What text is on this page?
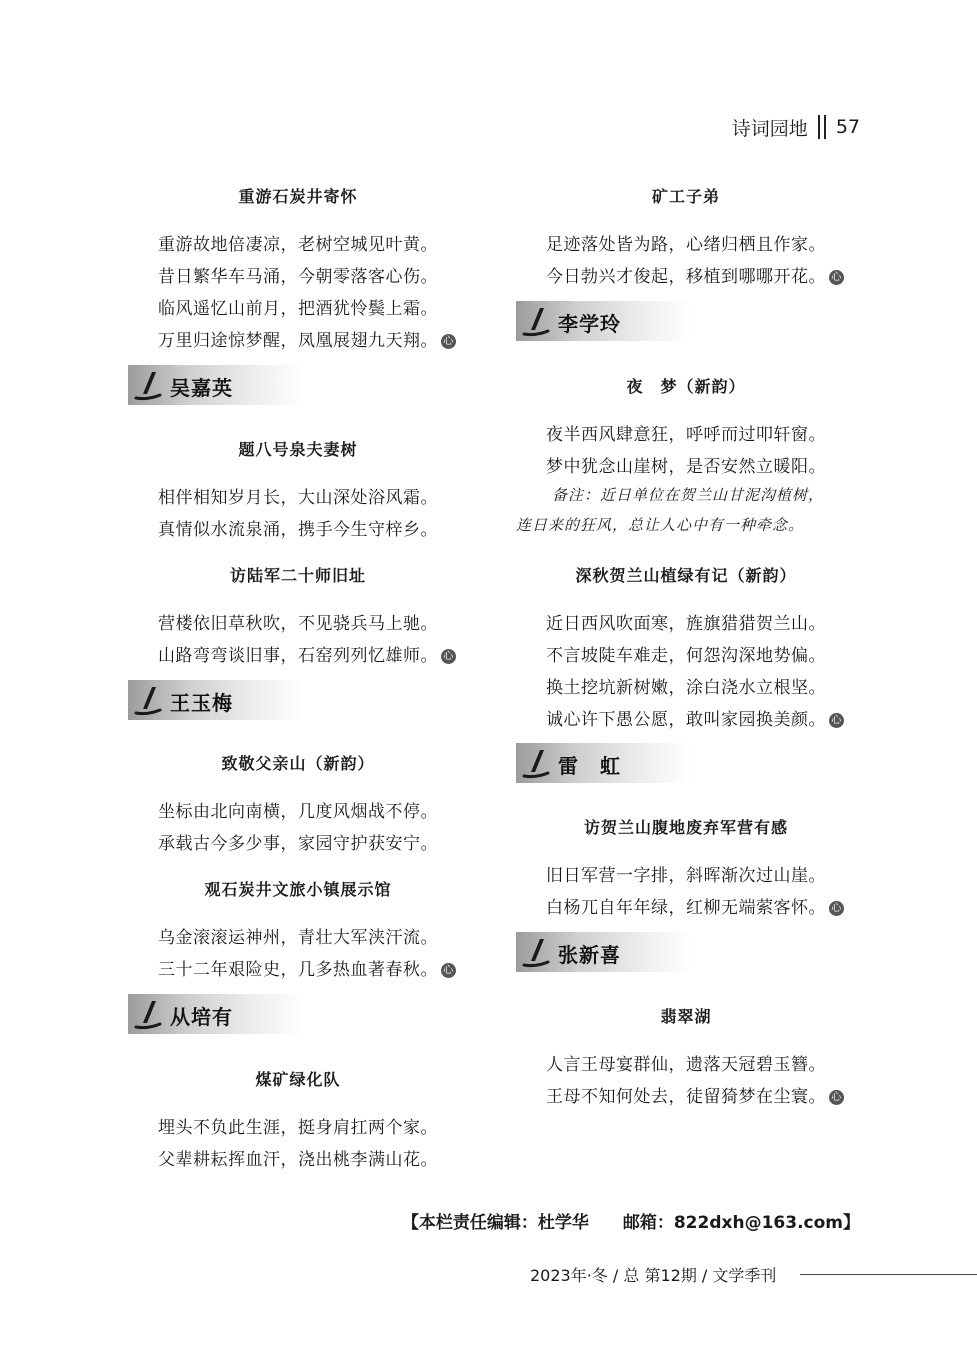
诗词园地 57
重游石炭井寄怀
重游故地倍凄凉，老树空城见叶黄。
昔日繁华车马涌，今朝零落客心伤。
临风遥忆山前月，把酒犹怜鬓上霜。
万里归途惊梦醒，凤凰展翅九天翔。 心
吴嘉英
题八号泉夫妻树
相伴相知岁月长，大山深处浴风霜。
真情似水流泉涌，携手今生守梓乡。
访陆军二十师旧址
营楼依旧草秋吹，不见骁兵马上驰。
山路弯弯谈旧事，石窑列列忆雄师。 心
王玉梅
致敬父亲山（新韵）
坐标由北向南横，几度风烟战不停。
承载古今多少事，家园守护获安宁。
观石炭井文旅小镇展示馆
乌金滚滚运神州，青壮大军浃汗流。
三十二年艰险史，几多热血著春秋。 心
从培有
煤矿绿化队
埋头不负此生涯，挺身肩扛两个家。
父辈耕耘挥血汗，浇出桃李满山花。
矿工子弟
足迹落处皆为路，心绪归栖且作家。
今日勃兴才俊起，移植到哪哪开花。 心
李学玲
夜　梦（新韵）
夜半西风肆意狂，呼呼而过叩轩窗。
梦中犹念山崖树，是否安然立暖阳。
备注：近日单位在贺兰山甘泥沟植树，
连日来的狂风，总让人心中有一种牵念。
深秋贺兰山植绿有记（新韵）
近日西风吹面寒，旌旗猎猎贺兰山。
不言坡陡车难走，何怨沟深地势偏。
换土挖坑新树嫩，涂白浇水立根坚。
诚心许下愚公愿，敢叫家园换美颜。 心
雷　虹
访贺兰山腹地废弃军营有感
旧日军营一字排，斜晖渐次过山崖。
白杨兀自年年绿，红柳无端萦客怀。 心
张新喜
翡翠湖
人言王母宴群仙，遗落天冠碧玉簪。
王母不知何处去，徒留猗梦在尘寰。 心
【本栏责任编辑：杜学华　　邮箱：822dxh@163.com】
2023年·冬 / 总 第12期 / 文学季刊
